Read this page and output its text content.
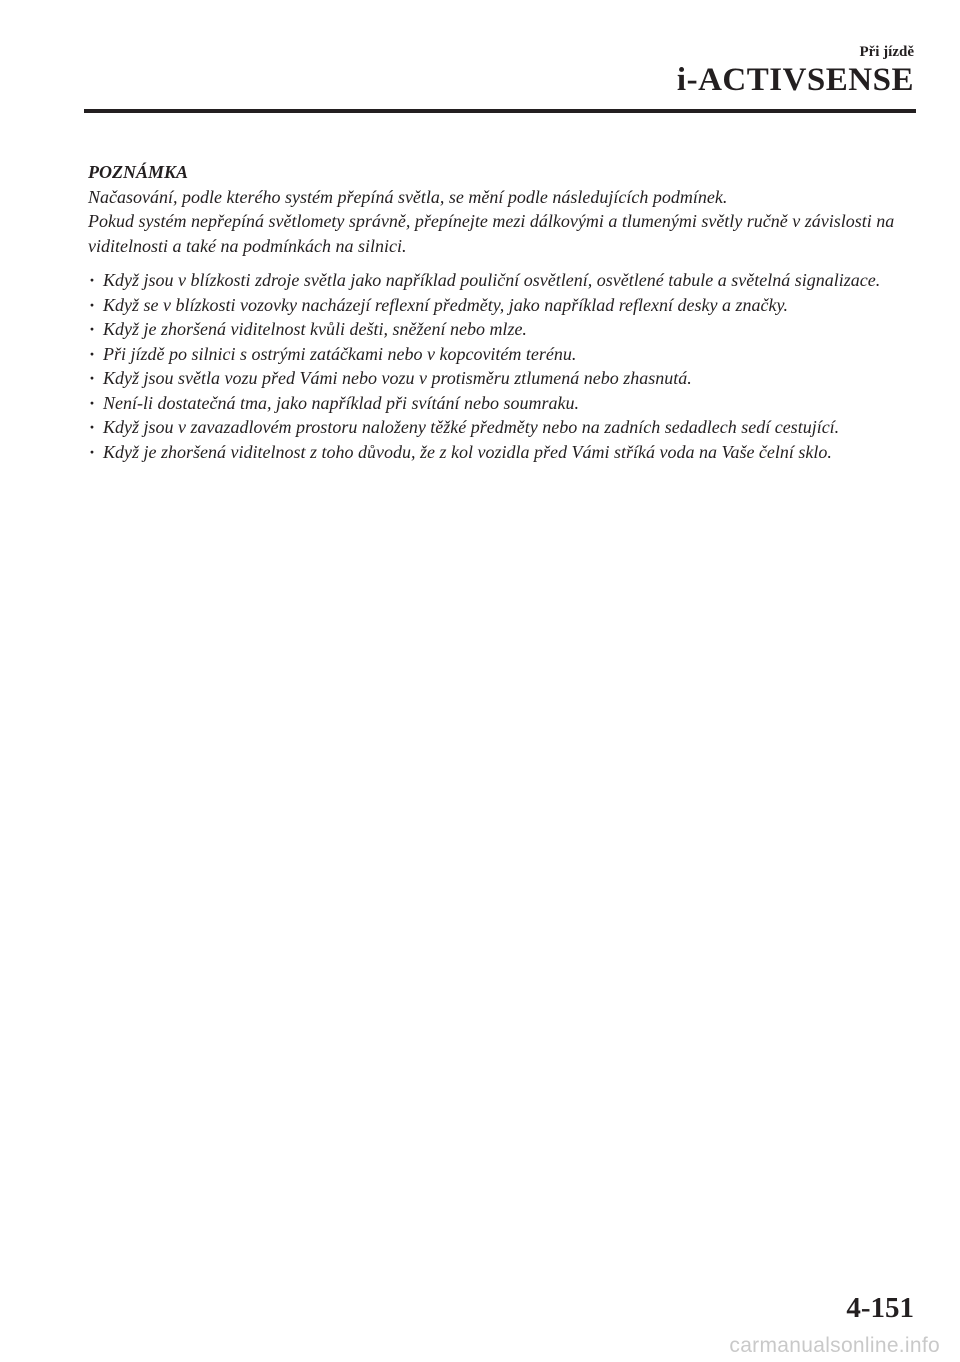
Při jízdě
i-ACTIVSENSE
POZNÁMKA

Načasování, podle kterého systém přepíná světla, se mění podle následujících podmínek.

Pokud systém nepřepíná světlomety správně, přepínejte mezi dálkovými a tlumenými světly ručně v závislosti na viditelnosti a také na podmínkách na silnici.

· Když jsou v blízkosti zdroje světla jako například pouliční osvětlení, osvětlené tabule a světelná signalizace.
· Když se v blízkosti vozovky nacházejí reflexní předměty, jako například reflexní desky a značky.
· Když je zhoršená viditelnost kvůli dešti, sněžení nebo mlze.
· Při jízdě po silnici s ostrými zatáčkami nebo v kopcovitém terénu.
· Když jsou světla vozu před Vámi nebo vozu v protisměru ztlumená nebo zhasnutá.
· Není-li dostatečná tma, jako například při svítání nebo soumraku.
· Když jsou v zavazadlovém prostoru naloženy těžké předměty nebo na zadních sedadlech sedí cestující.
· Když je zhoršená viditelnost z toho důvodu, že z kol vozidla před Vámi stříká voda na Vaše čelní sklo.
4-151
carmanualsonline.info
